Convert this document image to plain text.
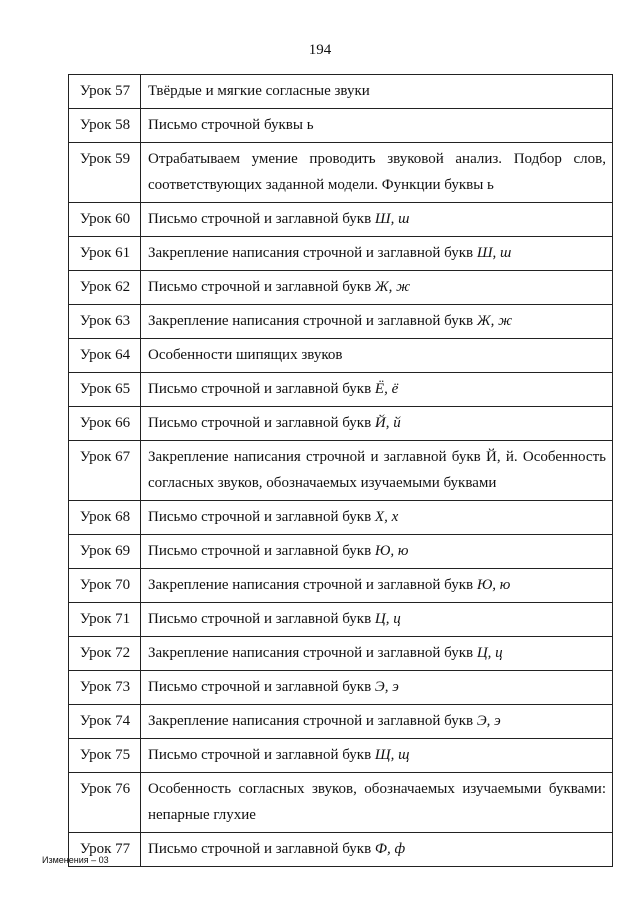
194
Урок 57	Твёрдые и мягкие согласные звуки
Урок 58	Письмо строчной буквы ь
Урок 59	Отрабатываем умение проводить звуковой анализ. Подбор слов, соответствующих заданной модели. Функции буквы ь
Урок 60	Письмо строчной и заглавной букв Ш, ш
Урок 61	Закрепление написания строчной и заглавной букв Ш, ш
Урок 62	Письмо строчной и заглавной букв Ж, ж
Урок 63	Закрепление написания строчной и заглавной букв Ж, ж
Урок 64	Особенности шипящих звуков
Урок 65	Письмо строчной и заглавной букв Ё, ё
Урок 66	Письмо строчной и заглавной букв Й, й
Урок 67	Закрепление написания строчной и заглавной букв Й, й. Особенность согласных звуков, обозначаемых изучаемыми буквами
Урок 68	Письмо строчной и заглавной букв Х, х
Урок 69	Письмо строчной и заглавной букв Ю, ю
Урок 70	Закрепление написания строчной и заглавной букв Ю, ю
Урок 71	Письмо строчной и заглавной букв Ц, ц
Урок 72	Закрепление написания строчной и заглавной букв Ц, ц
Урок 73	Письмо строчной и заглавной букв Э, э
Урок 74	Закрепление написания строчной и заглавной букв Э, э
Урок 75	Письмо строчной и заглавной букв Щ, щ
Урок 76	Особенность согласных звуков, обозначаемых изучаемыми буквами: непарные глухие
Урок 77	Письмо строчной и заглавной букв Ф, ф
Изменения – 03
